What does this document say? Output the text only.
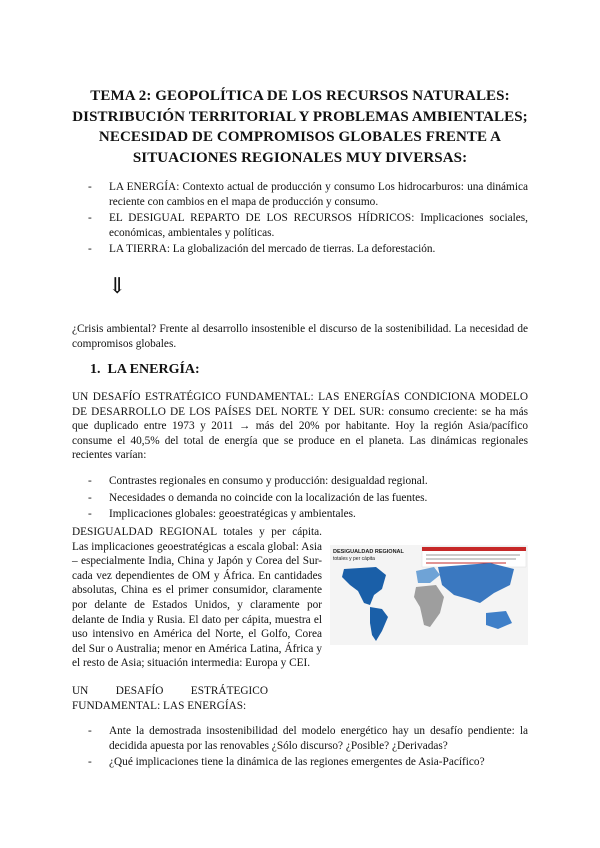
TEMA 2: GEOPOLÍTICA DE LOS RECURSOS NATURALES: DISTRIBUCIÓN TERRITORIAL Y PROBLEMAS AMBIENTALES; NECESIDAD DE COMPROMISOS GLOBALES FRENTE A SITUACIONES REGIONALES MUY DIVERSAS:
- LA ENERGÍA: Contexto actual de producción y consumo Los hidrocarburos: una dinámica reciente con cambios en el mapa de producción y consumo.
- EL DESIGUAL REPARTO DE LOS RECURSOS HÍDRICOS: Implicaciones sociales, económicas, ambientales y políticas.
- LA TIERRA: La globalización del mercado de tierras. La deforestación.
⇓

¿Crisis ambiental? Frente al desarrollo insostenible el discurso de la sostenibilidad. La necesidad de compromisos globales.

1. LA ENERGÍA:

UN DESAFÍO ESTRATÉGICO FUNDAMENTAL: LAS ENERGÍAS CONDICIONA MODELO DE DESARROLLO DE LOS PAÍSES DEL NORTE Y DEL SUR: consumo creciente: se ha más que duplicado entre 1973 y 2011 → más del 20% por habitante. Hoy la región Asia/pacífico consume el 40,5% del total de energía que se produce en el planeta. Las dinámicas regionales recientes varían:

- Contrastes regionales en consumo y producción: desigualdad regional.
- Necesidades o demanda no coincide con la localización de las fuentes.
- Implicaciones globales: geoestratégicas y ambientales.
DESIGUALDAD REGIONAL
totales y per cápita

DESIGUALDAD REGIONAL totales y per cápita. Las implicaciones geoestratégicas a escala global: Asia – especialmente India, China y Japón y Corea del Sur- cada vez dependientes de OM y África. En cantidades absolutas, China es el primer consumidor, claramente por delante de Estados Unidos, y claramente por delante de India y Rusia. El dato per cápita, muestra el uso intensivo en América del Norte, el Golfo, Corea del Sur o Australia; menor en América Latina, África y el resto de Asia; situación intermedia: Europa y CEI.

UN DESAFÍO ESTRÁTEGICO
FUNDAMENTAL: LAS ENERGÍAS:
- Ante la demostrada insostenibilidad del modelo energético hay un desafío pendiente: la decidida apuesta por las renovables ¿Sólo discurso? ¿Posible? ¿Derivadas?
- ¿Qué implicaciones tiene la dinámica de las regiones emergentes de Asia-Pacífico?
